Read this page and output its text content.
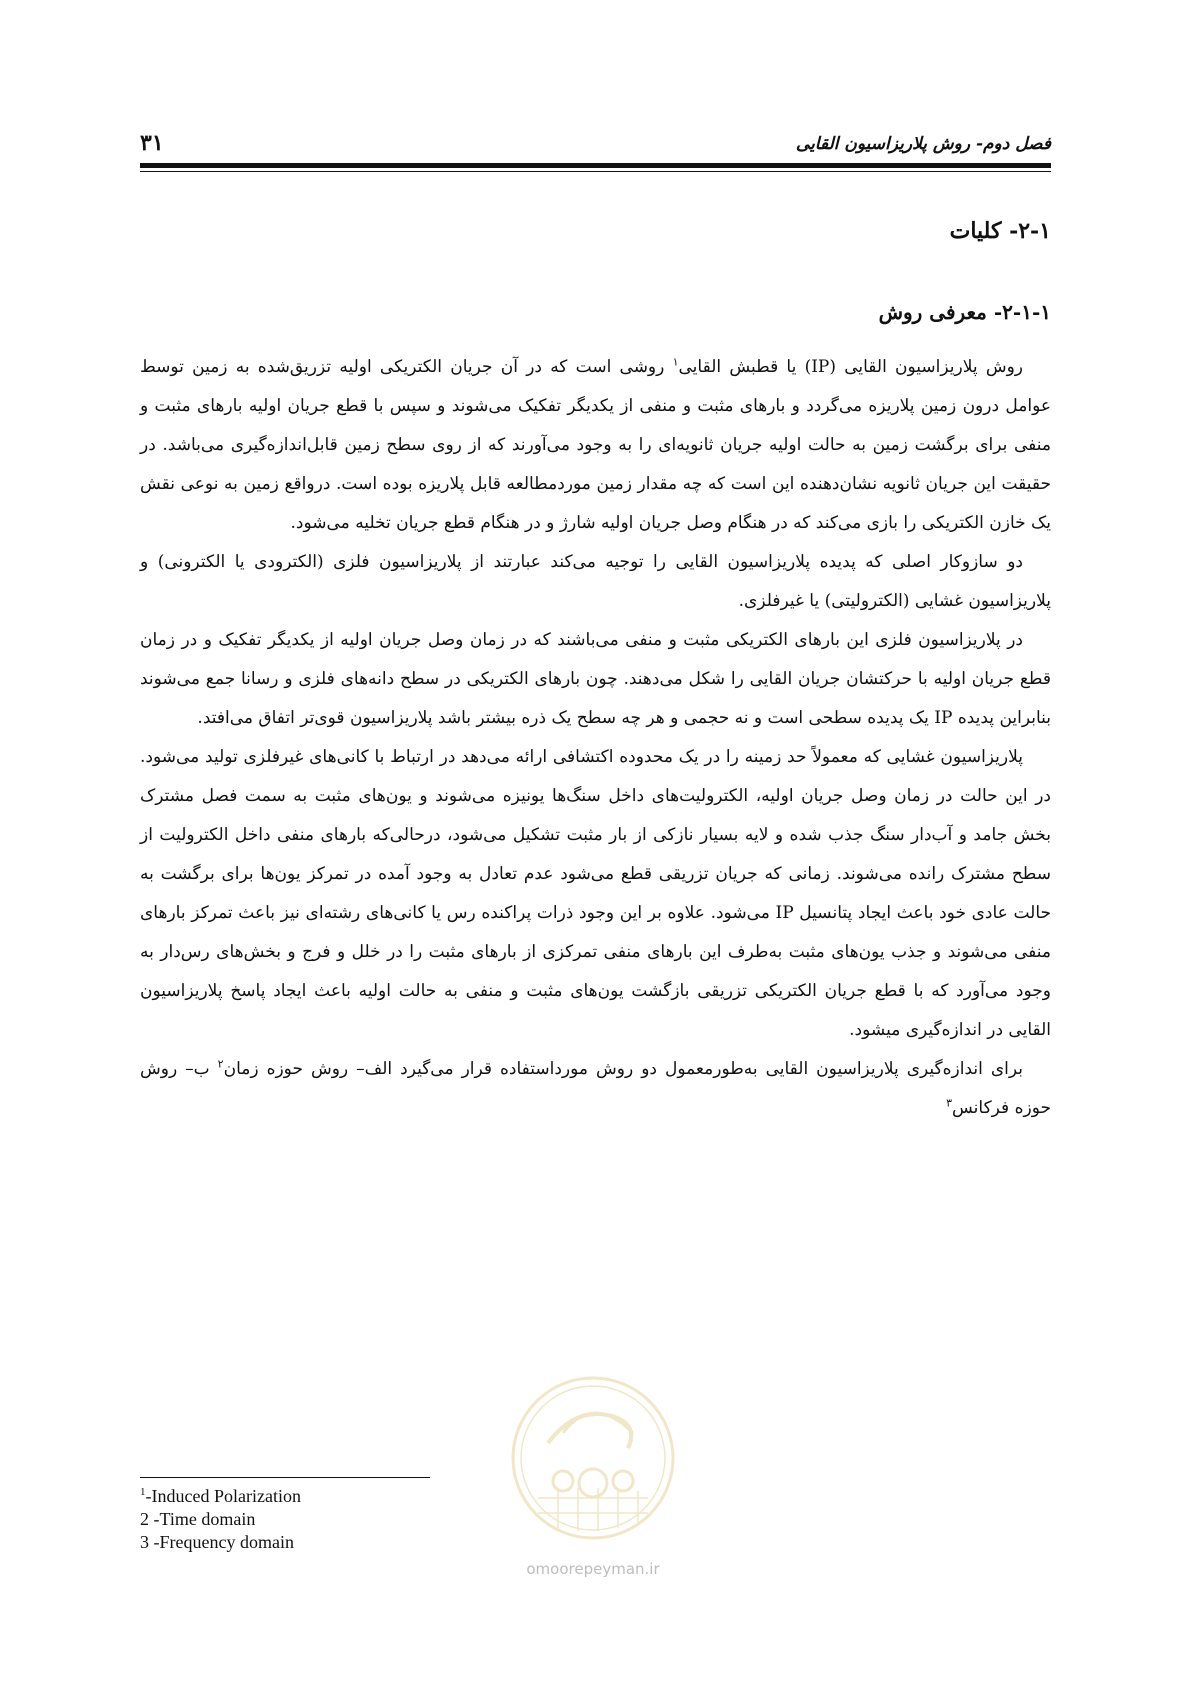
فصل دوم- روش پلاریزاسیون القایی
۳۱
۲-۱- کلیات
۲-۱-۱- معرفی روش

روش پلاریزاسیون القایی (IP) یا قطبش القایی$^۱$ روشی است که در آن جریان الکتریکی اولیه تزریق‌شده به زمین توسط عوامل درون زمین پلاریزه می‌گردد و بارهای مثبت و منفی از یکدیگر تفکیک می‌شوند و سپس با قطع جریان اولیه بارهای مثبت و منفی برای برگشت زمین به حالت اولیه جریان ثانویه‌ای را به وجود می‌آورند که از روی سطح زمین قابل‌اندازه‌گیری می‌باشد. در حقیقت این جریان ثانویه نشان‌دهنده این است که چه مقدار زمین موردمطالعه قابل پلاریزه بوده است. درواقع زمین به نوعی نقش یک خازن الکتریکی را بازی می‌کند که در هنگام وصل جریان اولیه شارژ و در هنگام قطع جریان تخلیه می‌شود.

دو سازوکار اصلی که پدیده پلاریزاسیون القایی را توجیه می‌کند عبارتند از پلاریزاسیون فلزی (الکترودی یا الکترونی) و پلاریزاسیون غشایی (الکترولیتی) یا غیرفلزی.

در پلاریزاسیون فلزی این بارهای الکتریکی مثبت و منفی می‌باشند که در زمان وصل جریان اولیه از یکدیگر تفکیک و در زمان قطع جریان اولیه با حرکتشان جریان القایی را شکل می‌دهند. چون بارهای الکتریکی در سطح دانه‌های فلزی و رسانا جمع می‌شوند بنابراین پدیده IP یک پدیده سطحی است و نه حجمی و هر چه سطح یک ذره بیشتر باشد پلاریزاسیون قوی‌تر اتفاق می‌افتد.

پلاریزاسیون غشایی که معمولاً حد زمینه را در یک محدوده اکتشافی ارائه می‌دهد در ارتباط با کانی‌های غیرفلزی تولید می‌شود. در این حالت در زمان وصل جریان اولیه، الکترولیت‌های داخل سنگ‌ها یونیزه می‌شوند و یون‌های مثبت به سمت فصل مشترک بخش جامد و آب‌دار سنگ جذب شده و لایه بسیار نازکی از بار مثبت تشکیل می‌شود، درحالی‌که بارهای منفی داخل الکترولیت از سطح مشترک رانده می‌شوند. زمانی که جریان تزریقی قطع می‌شود عدم تعادل به وجود آمده در تمرکز یون‌ها برای برگشت به حالت عادی خود باعث ایجاد پتانسیل IP می‌شود. علاوه بر این وجود ذرات پراکنده رس یا کانی‌های رشته‌ای نیز باعث تمرکز بارهای منفی می‌شوند و جذب یون‌های مثبت به‌طرف این بارهای منفی تمرکزی از بارهای مثبت را در خلل و فرج و بخش‌های رس‌دار به وجود می‌آورد که با قطع جریان الکتریکی تزریقی بازگشت یون‌های مثبت و منفی به حالت اولیه باعث ایجاد پاسخ پلاریزاسیون القایی در اندازه‌گیری میشود.

برای اندازه‌گیری پلاریزاسیون القایی به‌طورمعمول دو روش مورداستفاده قرار می‌گیرد الف– روش حوزه زمان$^۲$ ب– روش حوزه فرکانس$^۳$

omoorepeyman.ir
$^1$-Induced Polarization
2 -Time domain
3 -Frequency domain
